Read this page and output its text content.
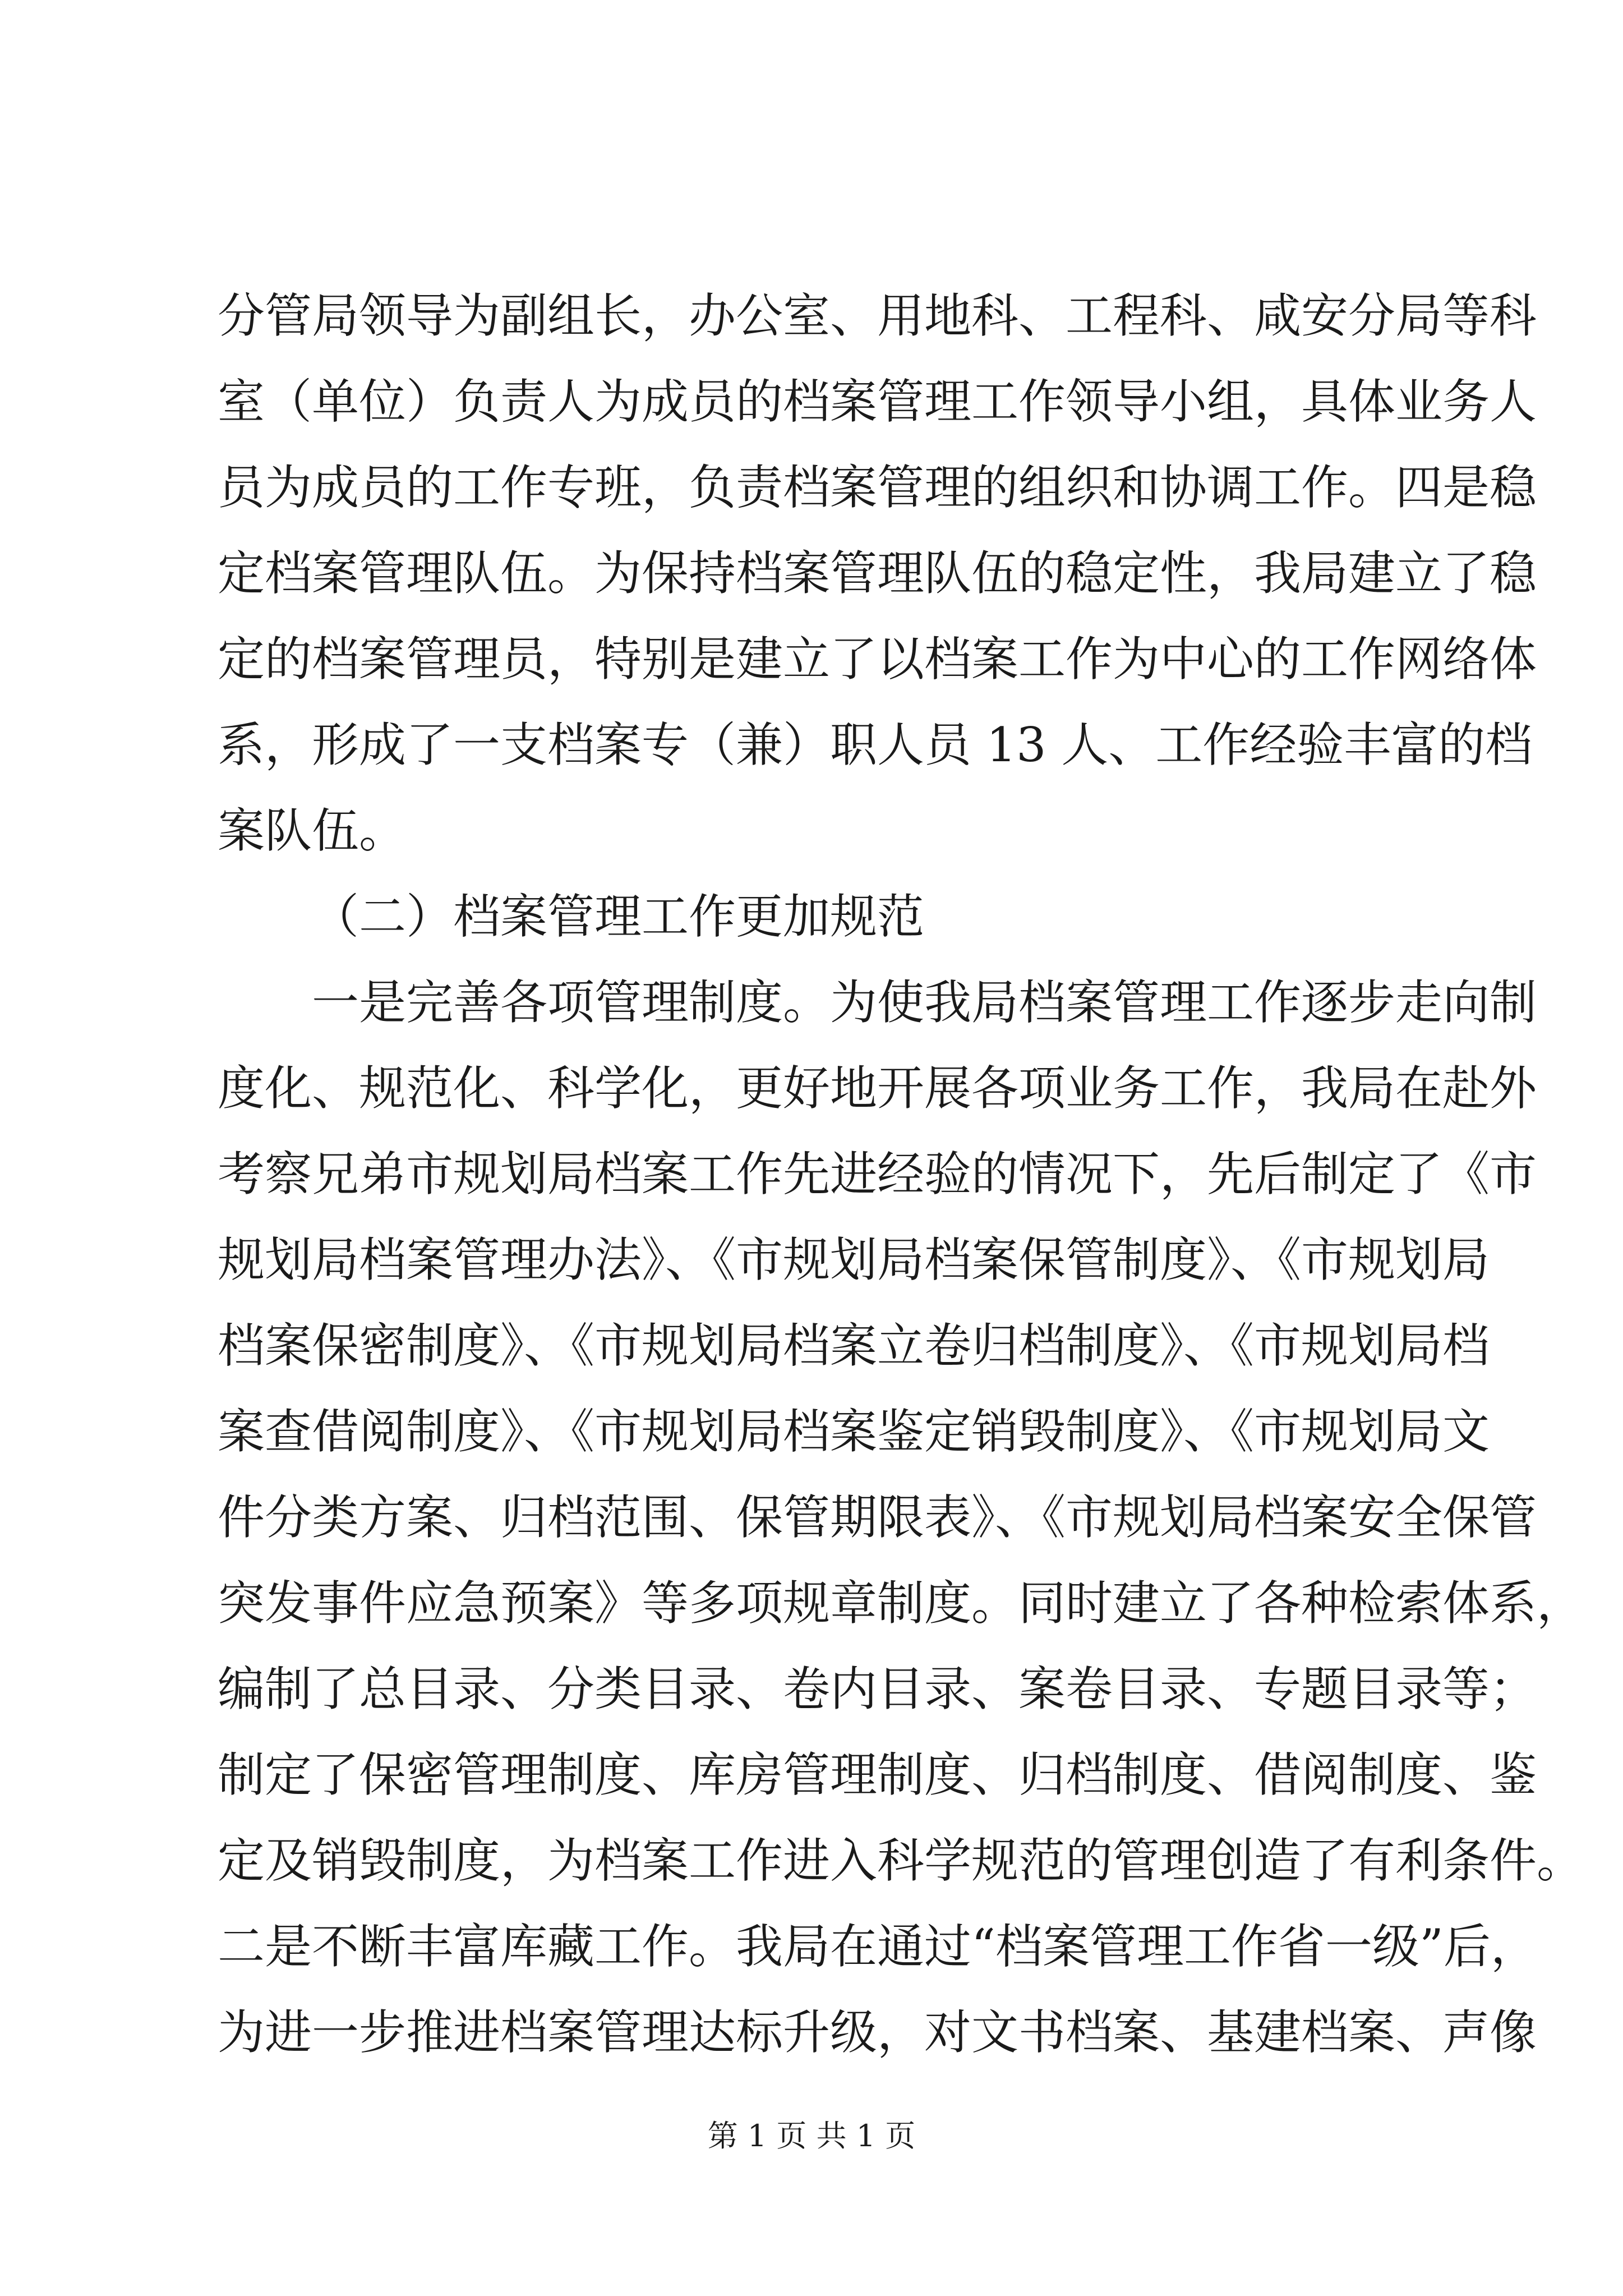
分管局领导为副组长，办公室、用地科、工程科、咸安分局等科
室（单位）负责人为成员的档案管理工作领导小组，具体业务人
员为成员的工作专班，负责档案管理的组织和协调工作。四是稳
定档案管理队伍。为保持档案管理队伍的稳定性，我局建立了稳
定的档案管理员，特别是建立了以档案工作为中心的工作网络体
系，形成了一支档案专（兼）职人员 13 人、工作经验丰富的档
案队伍。
（二）档案管理工作更加规范
一是完善各项管理制度。为使我局档案管理工作逐步走向制
度化、规范化、科学化，更好地开展各项业务工作，我局在赴外
考察兄弟市规划局档案工作先进经验的情况下，先后制定了《市
规划局档案管理办法》、《市规划局档案保管制度》、《市规划局
档案保密制度》、《市规划局档案立卷归档制度》、《市规划局档
案查借阅制度》、《市规划局档案鉴定销毁制度》、《市规划局文
件分类方案、归档范围、保管期限表》、《市规划局档案安全保管
突发事件应急预案》等多项规章制度。同时建立了各种检索体系，
编制了总目录、分类目录、卷内目录、案卷目录、专题目录等；
制定了保密管理制度、库房管理制度、归档制度、借阅制度、鉴
定及销毁制度，为档案工作进入科学规范的管理创造了有利条件。
二是不断丰富库藏工作。我局在通过“档案管理工作省一级”后，
为进一步推进档案管理达标升级，对文书档案、基建档案、声像
第 1 页 共 1 页
